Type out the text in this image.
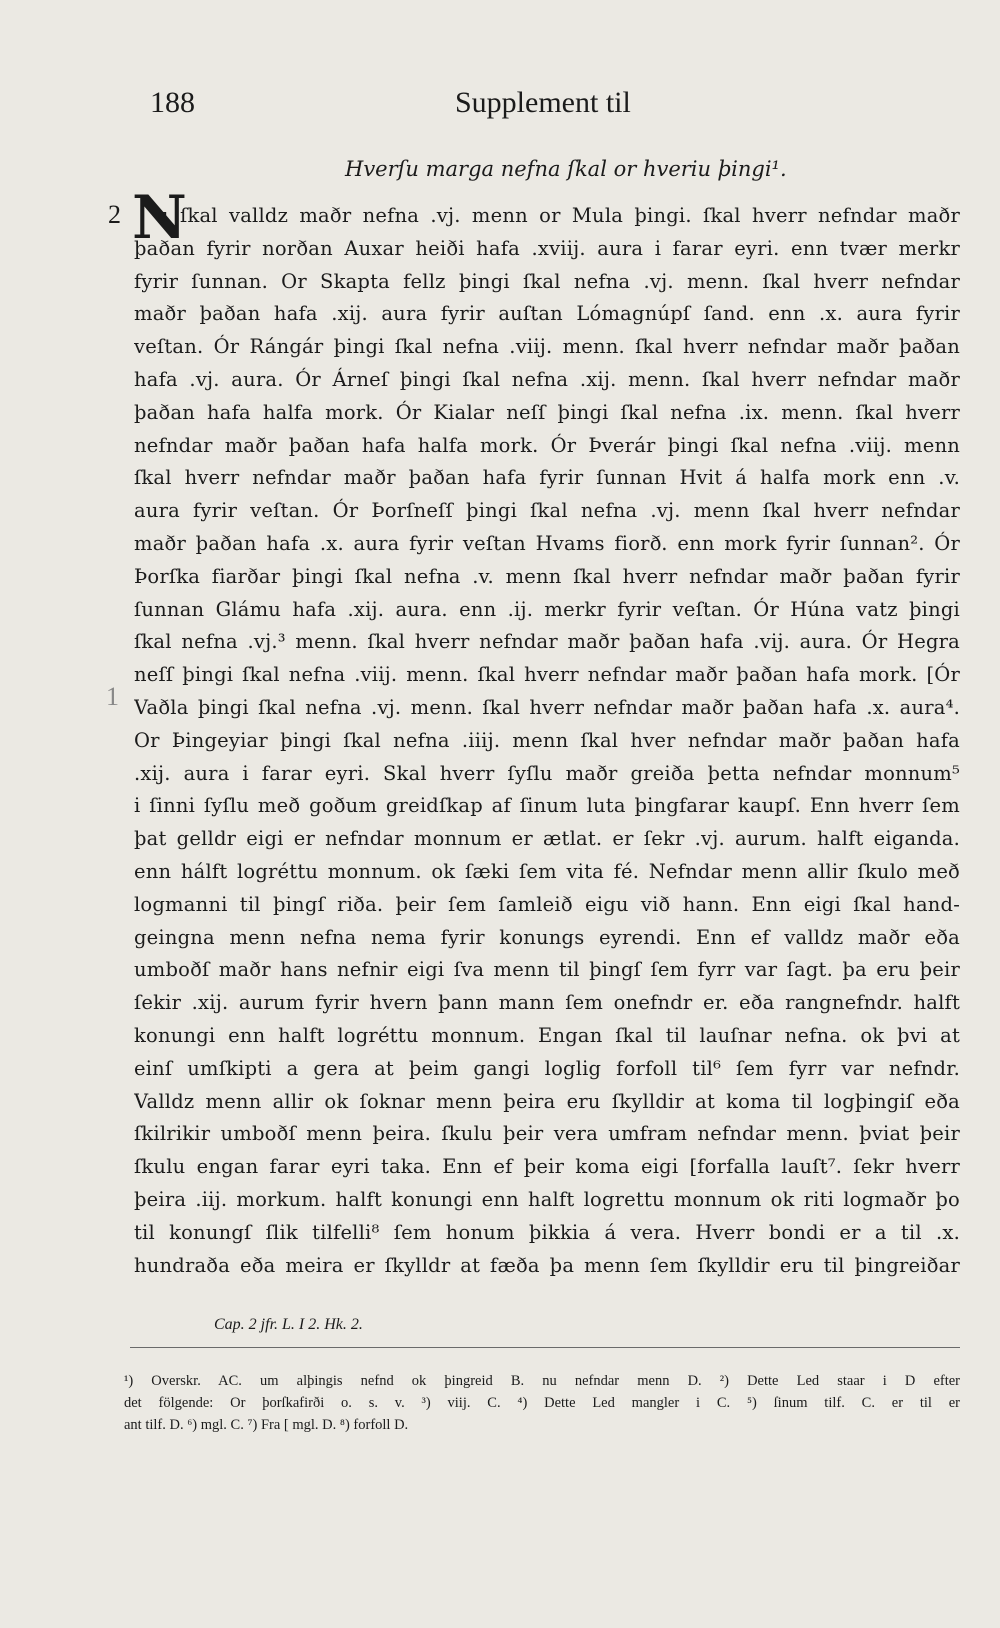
188	Supplement til
Hverſu marga nefna ſkal or hveriu þingi¹.
2 N
u ſkal valldz maðr nefna .vj. menn or Mula þingi. ſkal hverr nefndar maðr
þaðan fyrir norðan Auxar heiði hafa .xviij. aura i farar eyri. enn tvær merkr
fyrir ſunnan. Or Skapta fellz þingi ſkal nefna .vj. menn. ſkal hverr nefndar
maðr þaðan hafa .xij. aura fyrir auſtan Lómagnúpſ ſand. enn .x. aura fyrir
veſtan. Ór Rángár þingi ſkal nefna .viij. menn. ſkal hverr nefndar maðr þaðan
hafa .vj. aura. Ór Árneſ þingi ſkal nefna .xij. menn. ſkal hverr nefndar maðr
þaðan hafa halfa mork. Ór Kialar neſſ þingi ſkal nefna .ix. menn. ſkal hverr
nefndar maðr þaðan hafa halfa mork. Ór Þverár þingi ſkal nefna .viij. menn
ſkal hverr nefndar maðr þaðan hafa fyrir ſunnan Hvit á halfa mork enn .v.
aura fyrir veſtan. Ór Þorſneſſ þingi ſkal nefna .vj. menn ſkal hverr nefndar
maðr þaðan hafa .x. aura fyrir veſtan Hvams fiorð. enn mork fyrir ſunnan². Ór
Þorſka fiarðar þingi ſkal nefna .v. menn ſkal hverr nefndar maðr þaðan fyrir
ſunnan Glámu hafa .xij. aura. enn .ij. merkr fyrir veſtan. Ór Húna vatz þingi
ſkal nefna .vj.³ menn. ſkal hverr nefndar maðr þaðan hafa .vij. aura. Ór Hegra
neſſ þingi ſkal nefna .viij. menn. ſkal hverr nefndar maðr þaðan hafa mork. [Ór
Vaðla þingi ſkal nefna .vj. menn. ſkal hverr nefndar maðr þaðan hafa .x. aura⁴.
Or Þingeyiar þingi ſkal nefna .iiij. menn ſkal hver nefndar maðr þaðan hafa
.xij. aura i farar eyri. Skal hverr ſyſlu maðr greiða þetta nefndar monnum⁵
i ſinni ſyſlu með goðum greidſkap af ſinum luta þingfarar kaupſ. Enn hverr ſem
þat gelldr eigi er nefndar monnum er ætlat. er ſekr .vj. aurum. halft eiganda.
enn hálft logréttu monnum. ok ſæki ſem vita fé. Nefndar menn allir ſkulo með
logmanni til þingſ riða. þeir ſem ſamleið eigu við hann. Enn eigi ſkal hand-
geingna menn nefna nema fyrir konungs eyrendi. Enn ef valldz maðr eða
umboðſ maðr hans nefnir eigi ſva menn til þingſ ſem fyrr var ſagt. þa eru þeir
ſekir .xij. aurum fyrir hvern þann mann ſem onefndr er. eða rangnefndr. halft
konungi enn halft logréttu monnum. Engan ſkal til lauſnar nefna. ok þvi at
einſ umſkipti a gera at þeim gangi loglig forfoll til⁶ ſem fyrr var nefndr.
Valldz menn allir ok ſoknar menn þeira eru ſkylldir at koma til logþingiſ eða
ſkilrikir umboðſ menn þeira. ſkulu þeir vera umfram nefndar menn. þviat þeir
ſkulu engan farar eyri taka. Enn ef þeir koma eigi [forfalla lauſt⁷. ſekr hverr
þeira .iij. morkum. halft konungi enn halft logrettu monnum ok riti logmaðr þo
til konungſ ſlik tilfelli⁸ ſem honum þikkia á vera. Hverr bondi er a til .x.
hundraða eða meira er ſkylldr at fæða þa menn ſem ſkylldir eru til þingreiðar
1
Cap. 2 jfr. L. I 2. Hk. 2.
¹) Overskr. AC. um alþingis nefnd ok þingreid B. nu nefndar menn D. ²) Dette Led staar i D efter
det fölgende: Or þorſkafirði o. s. v. ³) viij. C. ⁴) Dette Led mangler i C. ⁵) ſinum tilf. C. er til er
ant tilf. D. ⁶) mgl. C. ⁷) Fra [ mgl. D. ⁸) forfoll D.
